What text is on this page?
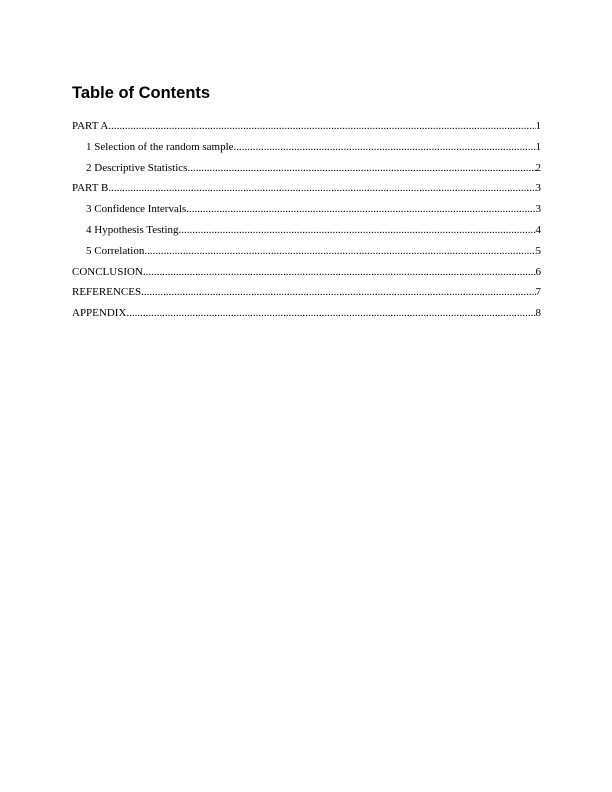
Table of Contents
PART A .....	1
1 Selection of the random sample .....	1
2 Descriptive Statistics .....	2
PART B .....	3
3 Confidence Intervals .....	3
4 Hypothesis Testing .....	4
5 Correlation .....	5
CONCLUSION .....	6
REFERENCES .....	7
APPENDIX .....	8
